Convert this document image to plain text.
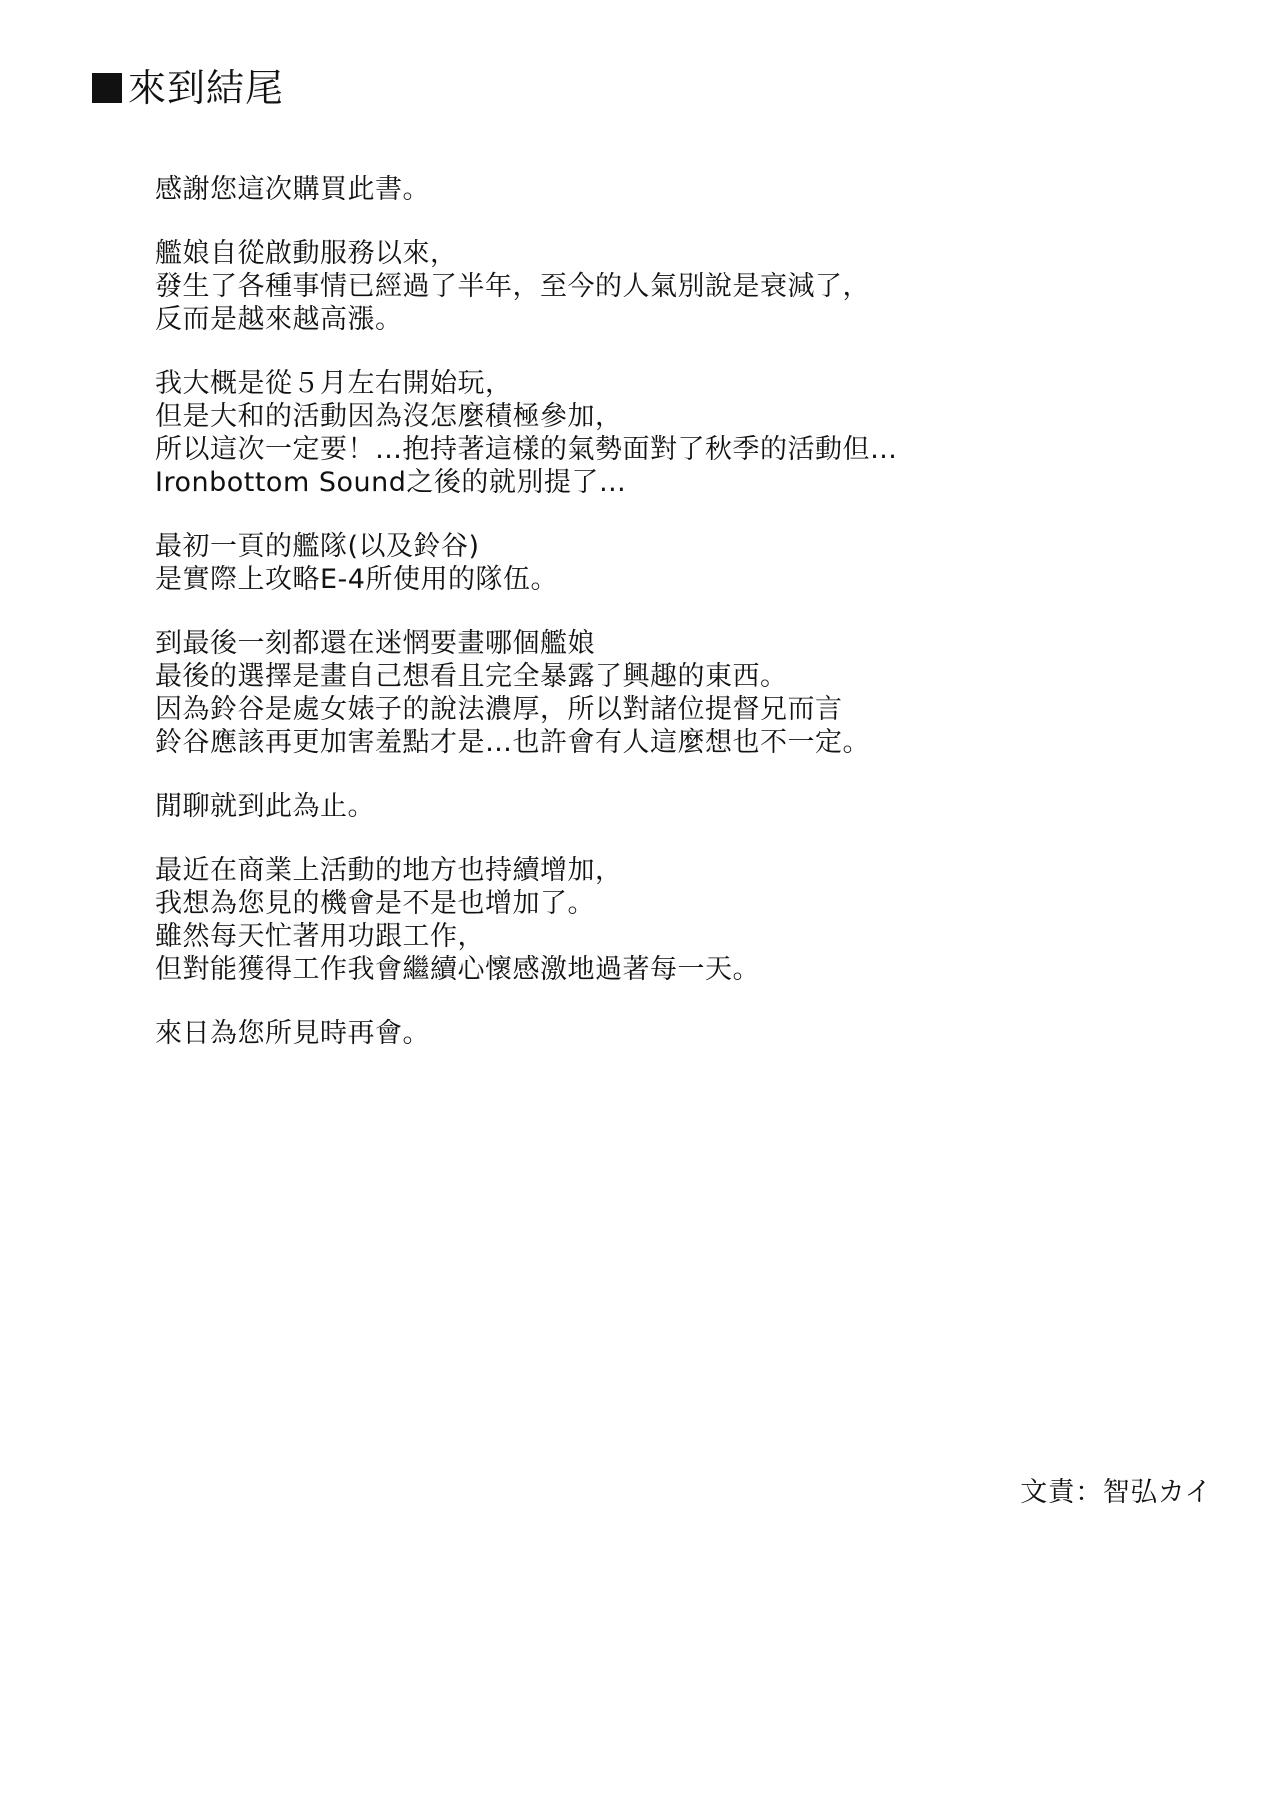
來到結尾
感謝您這次購買此書。
艦娘自從啟動服務以來，
發生了各種事情已經過了半年，至今的人氣別說是衰減了，
反而是越來越高漲。
我大概是從５月左右開始玩，
但是大和的活動因為沒怎麼積極參加，
所以這次一定要！…抱持著這樣的氣勢面對了秋季的活動但…
Ironbottom Sound之後的就別提了…
最初一頁的艦隊(以及鈴谷)
是實際上攻略E-4所使用的隊伍。
到最後一刻都還在迷惘要畫哪個艦娘
最後的選擇是畫自己想看且完全暴露了興趣的東西。
因為鈴谷是處女婊子的說法濃厚，所以對諸位提督兄而言
鈴谷應該再更加害羞點才是…也許會有人這麼想也不一定。
閒聊就到此為止。
最近在商業上活動的地方也持續增加，
我想為您見的機會是不是也增加了。
雖然每天忙著用功跟工作，
但對能獲得工作我會繼續心懷感激地過著每一天。
來日為您所見時再會。
文責：智弘カイ
